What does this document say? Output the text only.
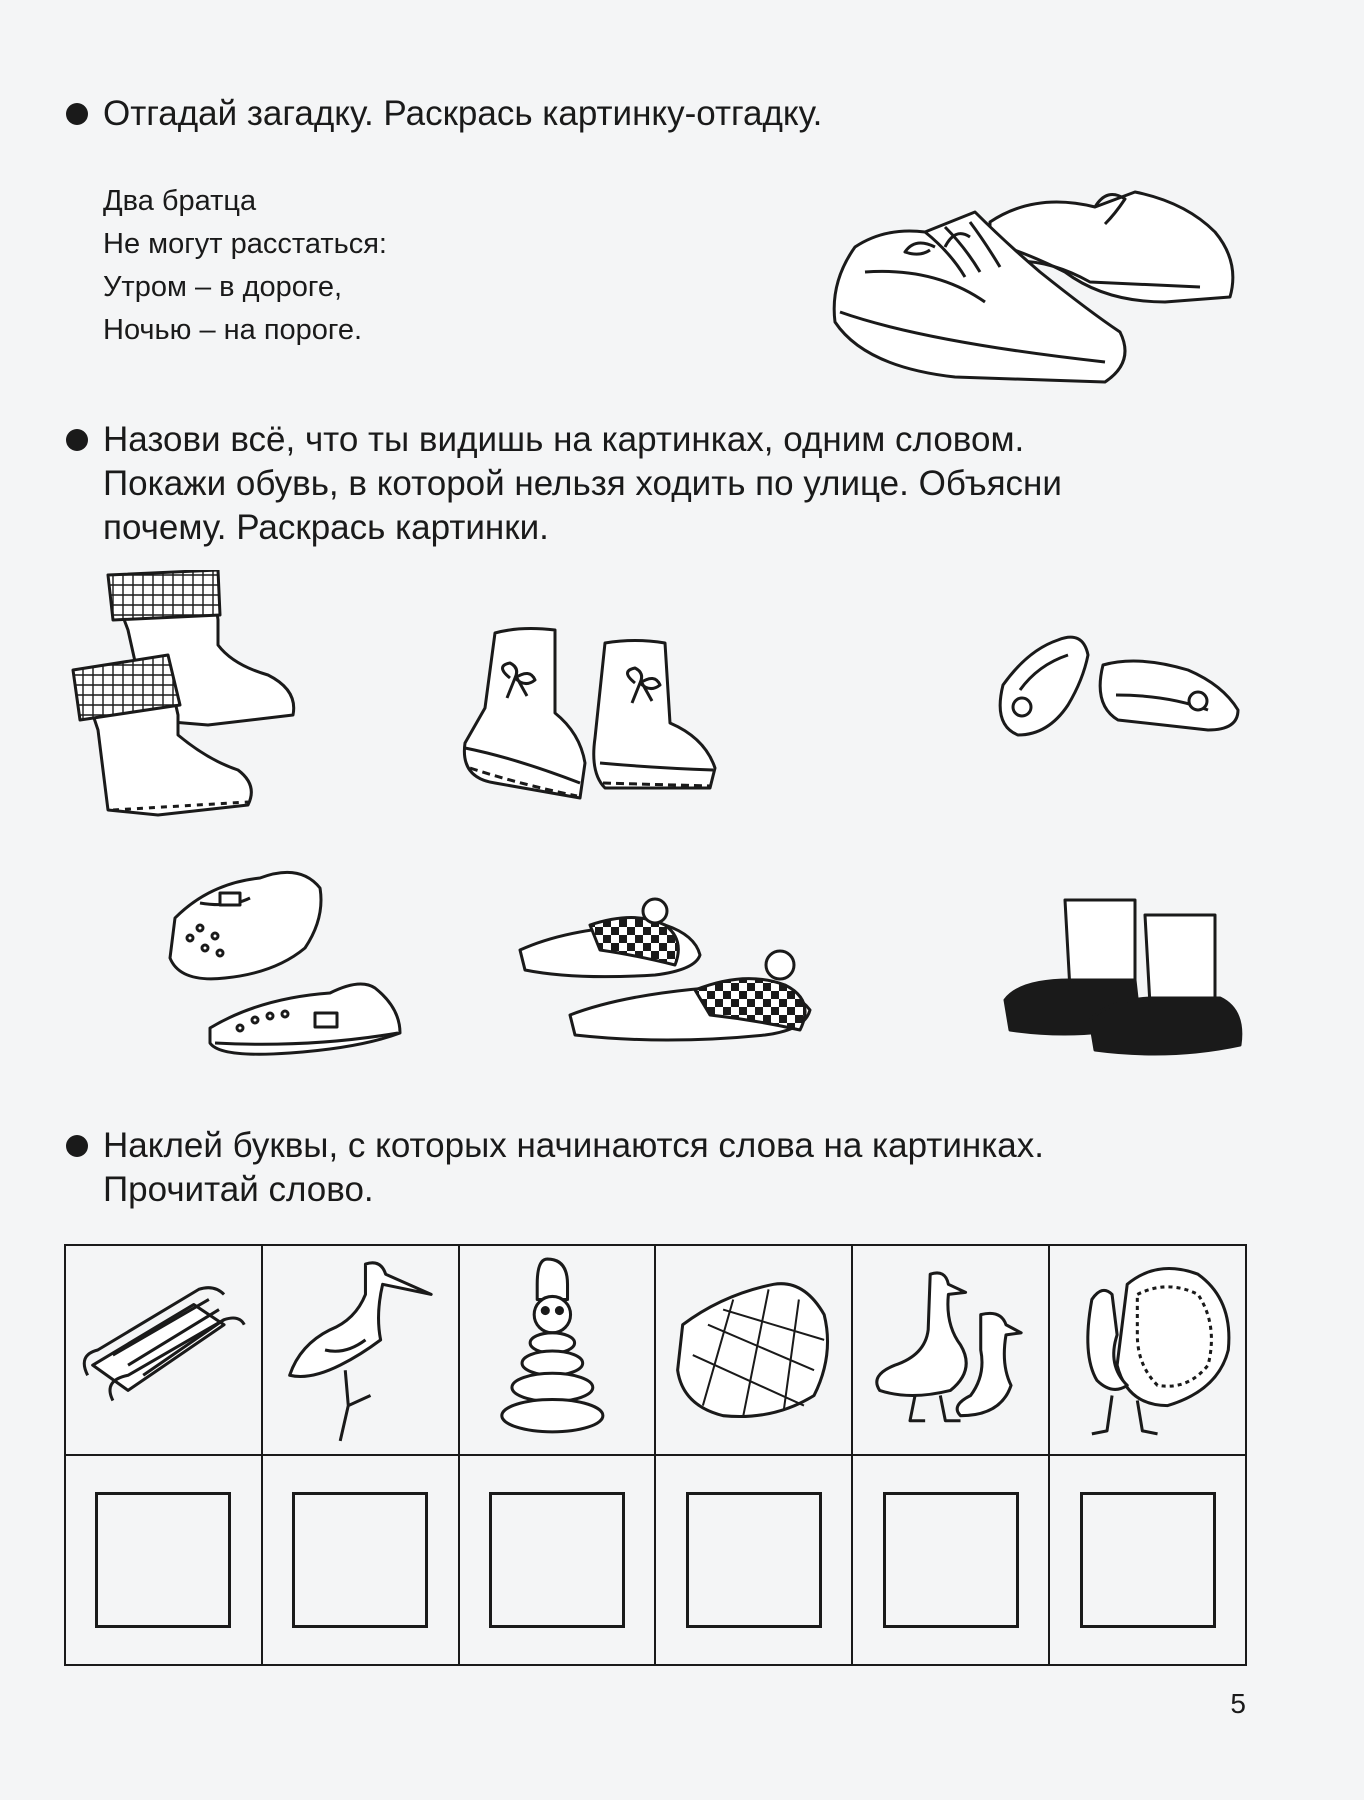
Отгадай загадку. Раскрась картинку-отгадку.

Два братца
Не могут расстаться:
Утром – в дороге,
Ночью – на пороге.

Назови всё, что ты видишь на картинках, одним словом.

Покажи обувь, в которой нельзя ходить по улице. Объясни

почему. Раскрась картинки.

Наклей буквы, с которых начинаются слова на картинках.

Прочитай слово.

5
